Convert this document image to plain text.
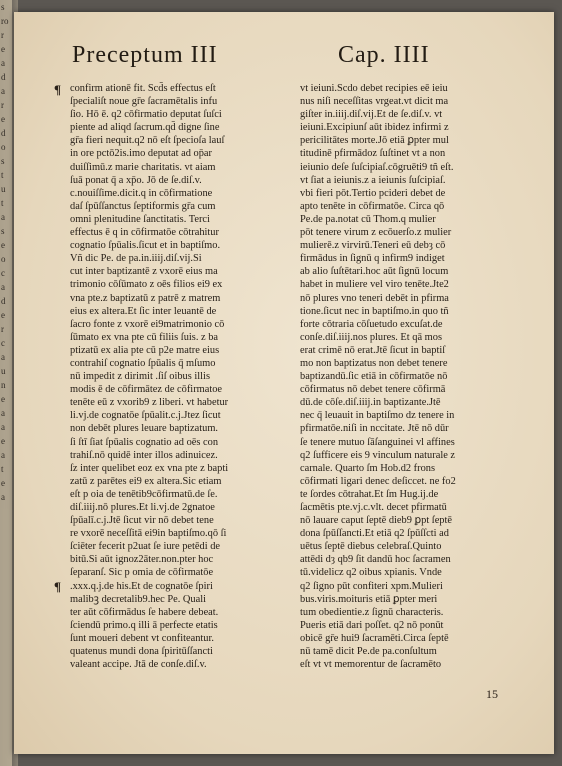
s
ro
r
e
a
d
a
r
e
d
o
s
t
u
t
a
s
e
o
c
a
d
e
r
c
a
u
n
e
a
a
e
a
t
e
a
Preceptum III	Cap. IIII
¶
¶
confirm ationē fit. Scd̄s effectus eſt
ſpecialiſt noue gr̄e ſacramētalis infu
ſio. Hō ē. q2 cōfirmatio deputat ſuſci
piente ad aliqd ſacrum.qd̄ digne ſine
gr̄a fieri nequit.q2 nō eſt ſpecioſa lauſ
in ore pctō2is.imo deputat ad op̄ar
duiſſimū.z marie charitatis. vt aiam
ſuā ponat q̄ a xp̄o. Jō de ſe.diſ.v.
c.nouiſſime.dicit.q in cōfirmatione
daſ ſpūſſanctus ſeptiformis gr̄a cum
omni plenitudine ſanctitatis. Terci
effectus ē q in cōfirmatōe cōtrahitur
cognatio ſpūalis.ſicut et in baptiſmo.
Vñ dic Pe. de pa.in.iiij.diſ.vij.Si
cut inter baptizantē z vxorē eius ma
trimonio cōſūmato z oēs filios ei9 ex
vna pte.z baptizatū z patrē z matrem
eius ex altera.Et ſic inter leuantē de
ſacro fonte z vxorē ei9matrimonio cō
ſūmato ex vna pte cū filiis ſuis. z ba
ptizatū ex alia pte cū p2e matre eius
contrahiſ cognatio ſpūalis q̄ mſumo
nū impedit z dirimit .ſiſ oibus illis
modis ē de cōfirmātez de cōfirmatoe
tenēte eū z vxorib9 z liberi. vt habetur
li.vj.de cognatōe ſpūalit.c.j.Jtez ſicut
non debēt plures leuare baptizatum.
ſi ſtī ſiat ſpūalis cognatio ad oēs con
trahiſ.nō quidē inter illos adinuicez.
ſz inter quelibet eoz ex vna pte z bapti
zatū z parētes ei9 ex altera.Sic etiam
eſt p oia de tenētib9cōfirmatū.de ſe.
diſ.iiij.nō plures.Et li.vj.de 2gnatoe
ſpūalī.c.j.Jtē ſicut vir nō debet tene
re vxorē neceſſitā ei9in baptiſmo.qō ſi
ſciēter fecerit p2uat ſe iure petēdi de
bitū.Si aūt ignoz2āter.non.pter hoc
ſeparanſ. Sic p omia de cōfirmatōe
.xxx.q.j.de his.Et de cognatōe ſpiri
malibꝫ decretalib9.hec Pe. Quali
ter aūt cōfirmādus ſe habere debeat.
ſciendū primo.q illi ā perfecte etatis
ſunt moueri debent vt confiteantur.
quatenus mundi dona ſpiritūſſancti
valeant accipe. Jtā de conſe.diſ.v.
vt ieiuni.Scdo debet recipies eē ieiu
nus niſi neceſſitas vrgeat.vt dicit ma
giſter in.iiij.diſ.vij.Et de ſe.diſ.v. vt
ieiuni.Excipiunſ aūt ibidez infirmi z
pericilitātes morte.Jō etiā ꝑpter mul
titudinē pfirmādoz ſuſtinet vt a non
ieiunio deſe ſuſcipiaſ.cōgruēti9 tñ eſt.
vt ſiat a ieiunis.z a ieiunis ſuſcipiaſ.
vbi fieri pōt.Tertio pcideri debet de
apto tenēte in cōfirmatōe. Circa qō
Pe.de pa.notat cū Thom.q mulier
pōt tenere virum z ecōuerſo.z mulier
mulierē.z virvirū.Teneri eū debȝ cō
firmādus in ſignū q infirm9 indiget
ab alio ſuſtētari.hoc aūt ſignū locum
habet in muliere vel viro tenēte.Jte2
nō plures vno teneri debēt in pfirma
tione.ſicut nec in baptiſmo.in quo tñ
forte cōtraria cōſuetudo excuſat.de
conſe.diſ.iiij.nos plures. Et qā mos
erat crimē nō erat.Jtē ſicut in baptiſ
mo non baptizatus non debet tenere
baptizandū.ſic etiā in cōfirmatōe nō
cōfirmatus nō debet tenere cōfirmā
dū.de cōſe.diſ.iiij.in baptizante.Jtē
nec q̄ leuauit in baptiſmo dz tenere in
pfirmatōe.niſi in nccitate. Jtē nō dūr
ſe tenere mutuo ſāſanguinei vl affines
q2 ſufficere eis 9 vinculum naturale z
carnale. Quarto ſm Hob.d2 frons
cōfirmati ligari denec deſiccet. ne fo2
te ſordes cōtrahat.Et ſm Hug.ij.de
ſacmētis pte.vj.c.vlt. decet pfirmatū
nō lauare caput ſeptē dieb9 ꝑpt ſeptē
dona ſpūſſancti.Et etiā q2 ſpūſſcti ad
uētus ſeptē diebus celebraſ.Quinto
attēdi dȝ qb9 ſit dandū hoc ſacramen
tū.videlicz q2 oibus xpianis. Vnde
q2 ſigno pūt confiteri xpm.Mulieri
bus.viris.moituris etiā ꝑpter meri
tum obedientie.z ſignū characteris.
Pueris etiā dari poſſet. q2 nō ponūt
obicē gr̄e hui9 ſacramēti.Circa ſeptē
nū tamē dicit Pe.de pa.conſultum
eſt vt vt memorentur de ſacramēto
15
